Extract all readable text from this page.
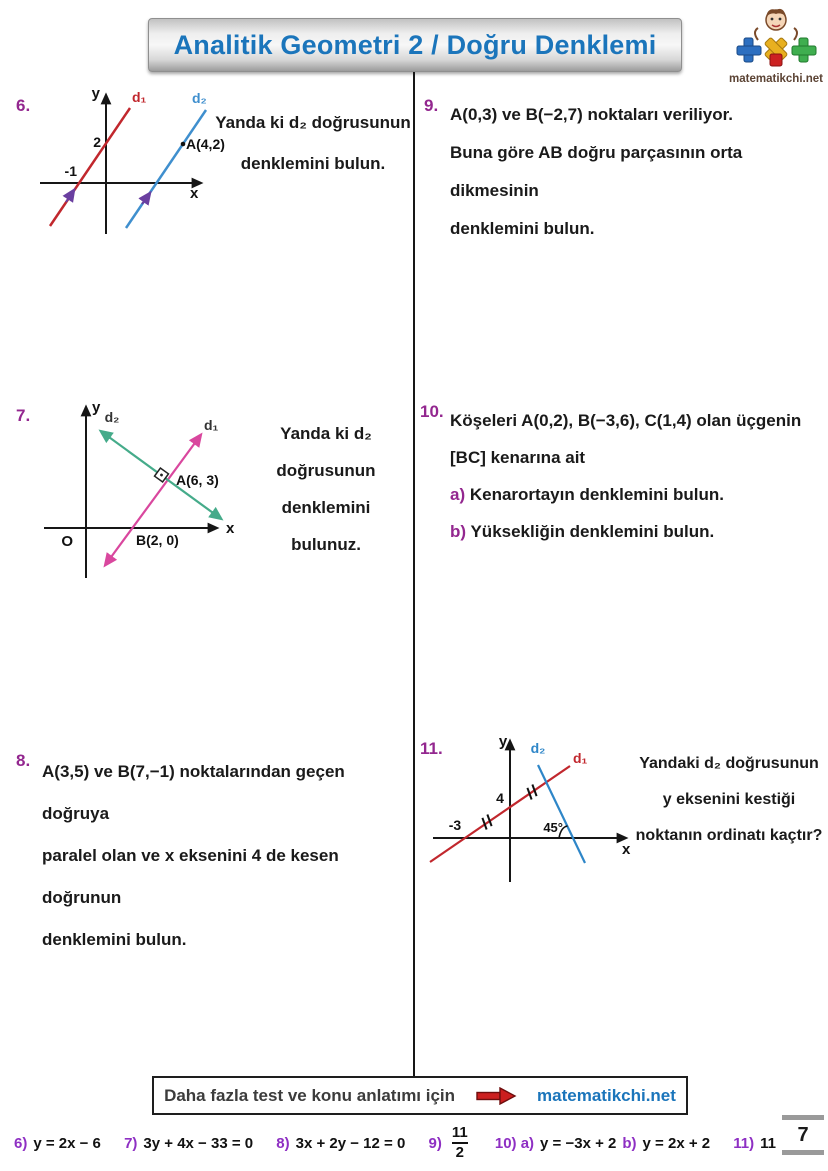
Analitik Geometri 2 / Doğru Denklemi
matematikchi.net
6.
y
x
d₁	d₂
2
-1
A(4,2)
Yanda ki d₂ doğrusunun
denklemini bulun.
7.	y
x
O
d₂	d₁
A(6, 3)
B(2, 0)
Yanda ki d₂
doğrusunun
denklemini
bulunuz.
8.
A(3,5) ve B(7,−1) noktalarından geçen doğruya
paralel olan ve x eksenini 4 de kesen doğrunun
denklemini bulun.
9. A(0,3) ve B(−2,7) noktaları veriliyor.
Buna göre AB doğru parçasının orta dikmesinin
denklemini bulun.
10. Köşeleri A(0,2), B(−3,6), C(1,4) olan üçgenin
[BC] kenarına ait
a) Kenarortayın denklemini bulun.
b) Yüksekliğin denklemini bulun.
11.	y
x
d₂
d₁
-3
4
45°
Yandaki d₂ doğrusunun
y eksenini kestiği
noktanın ordinatı kaçtır?
Daha fazla test ve konu anlatımı için	matematikchi.net
6) y = 2x − 6 7) 3y + 4x − 33 = 0 8) 3x + 2y − 12 = 0 $9) \frac{11}{2} 10$) a) y = −3x + 2 b) y = 2x + 2 11) 11	7
